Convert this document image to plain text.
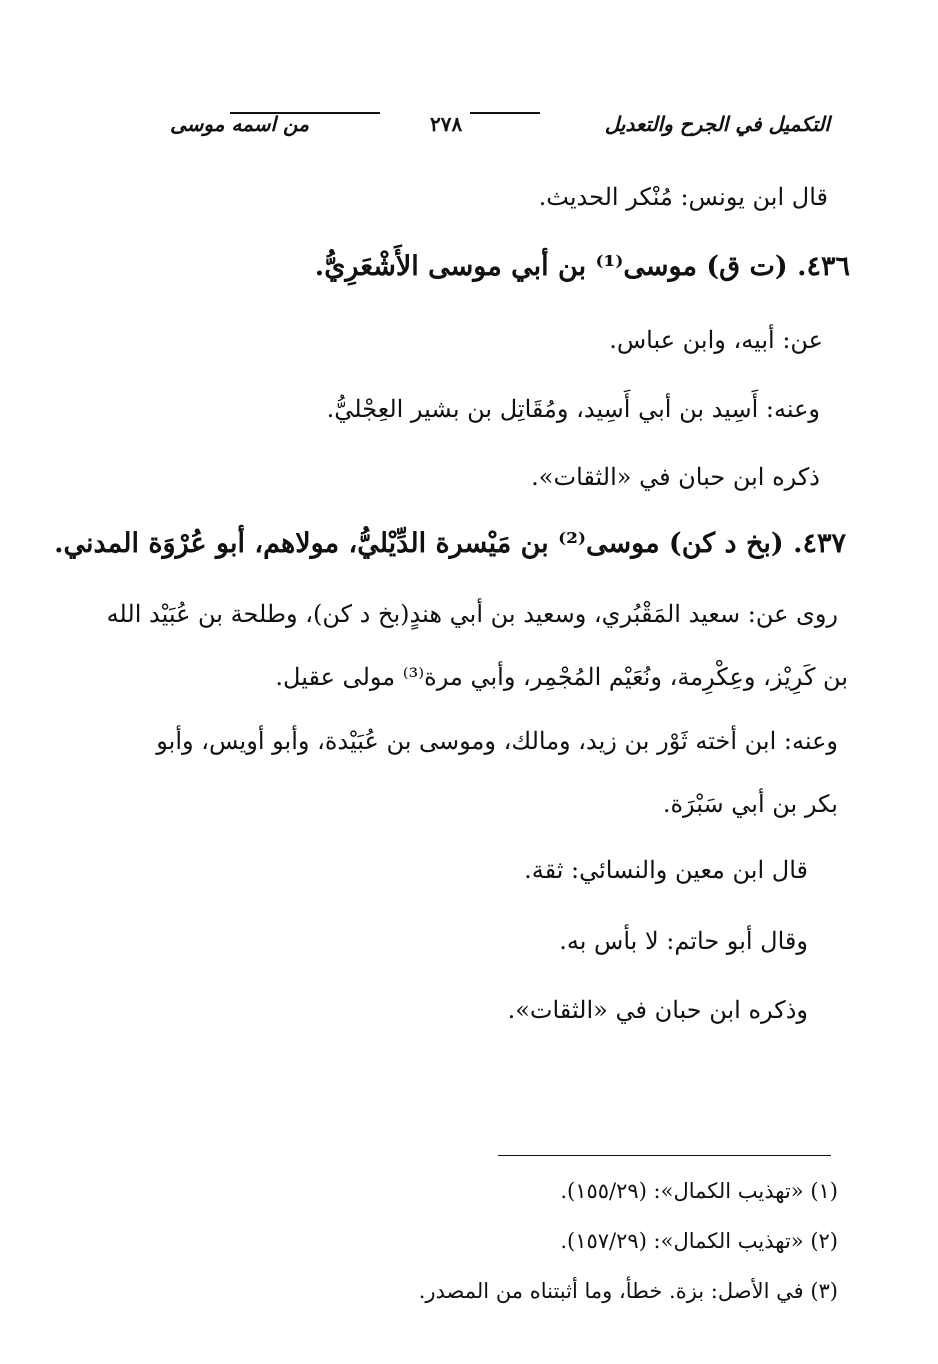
التكميل في الجرح والتعديل
٢٧٨
من اسمه موسى
قال ابن يونس: مُنْكر الحديث.
٤٣٦. (ت ق) موسى⁽¹⁾ بن أبي موسى الأَشْعَرِيُّ.
عن: أبيه، وابن عباس.
وعنه: أَسِيد بن أبي أَسِيد، ومُقَاتِل بن بشير العِجْليُّ.
ذكره ابن حبان في «الثقات».
٤٣٧. (بخ د كن) موسى⁽²⁾ بن مَيْسرة الدِّيْليُّ، مولاهم، أبو عُرْوَة المدني.
روى عن: سعيد المَقْبُري، وسعيد بن أبي هندٍ(بخ د كن)، وطلحة بن عُبَيْد الله
بن كَرِيْز، وعِكْرِمة، ونُعَيْم المُجْمِر، وأبي مرة⁽³⁾ مولى عقيل.
وعنه: ابن أخته ثَوْر بن زيد، ومالك، وموسى بن عُبَيْدة، وأبو أويس، وأبو
بكر بن أبي سَبْرَة.
قال ابن معين والنسائي: ثقة.
وقال أبو حاتم: لا بأس به.
وذكره ابن حبان في «الثقات».
(١) «تهذيب الكمال»: (١٥٥/٢٩).
(٢) «تهذيب الكمال»: (١٥٧/٢٩).
(٣) في الأصل: بزة. خطأ، وما أثبتناه من المصدر.
